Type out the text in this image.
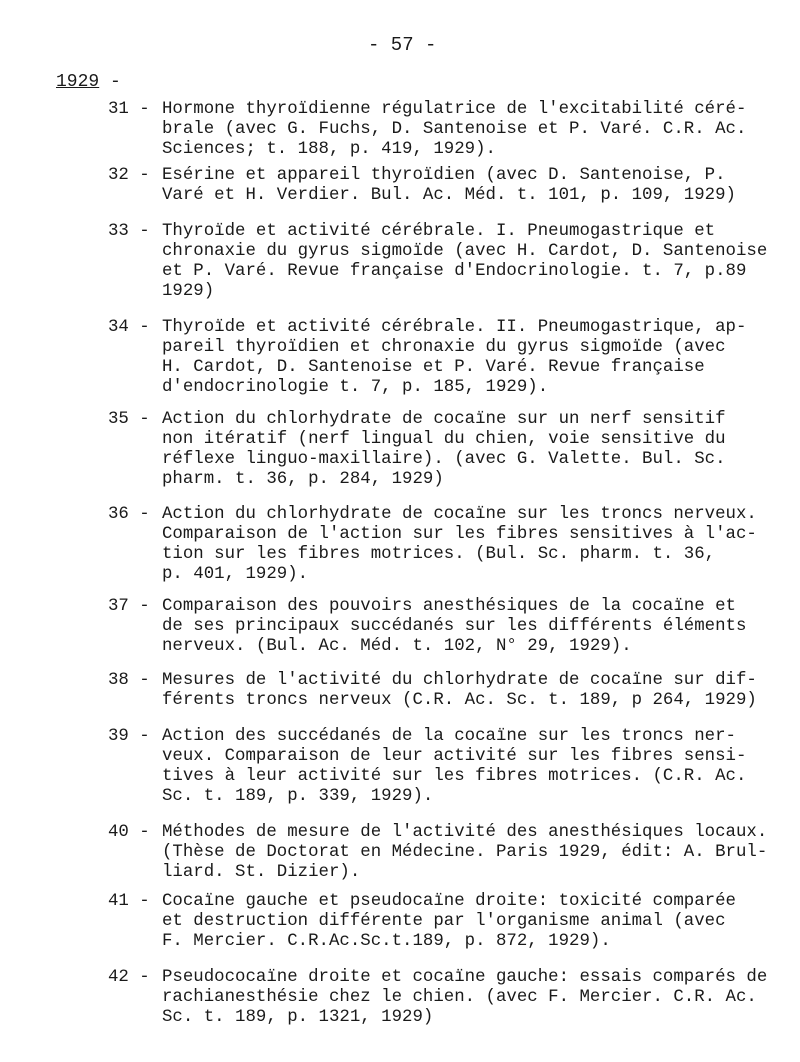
- 57 -
1929 -
31 - Hormone thyroïdienne régulatrice de l'excitabilité céré-
brale (avec G. Fuchs, D. Santenoise et P. Varé. C.R. Ac.
Sciences; t. 188, p. 419, 1929).
32 - Esérine et appareil thyroïdien (avec D. Santenoise, P.
Varé et H. Verdier. Bul. Ac. Méd. t. 101, p. 109, 1929)
33 - Thyroïde et activité cérébrale. I. Pneumogastrique et
chronaxie du gyrus sigmoïde (avec H. Cardot, D. Santenoise
et P. Varé. Revue française d'Endocrinologie. t. 7, p.89
1929)
34 - Thyroïde et activité cérébrale. II. Pneumogastrique, ap-
pareil thyroïdien et chronaxie du gyrus sigmoïde (avec
H. Cardot, D. Santenoise et P. Varé. Revue française
d'endocrinologie t. 7, p. 185, 1929).
35 - Action du chlorhydrate de cocaïne sur un nerf sensitif
non itératif (nerf lingual du chien, voie sensitive du
réflexe linguo-maxillaire). (avec G. Valette. Bul. Sc.
pharm. t. 36, p. 284, 1929)
36 - Action du chlorhydrate de cocaïne sur les troncs nerveux.
Comparaison de l'action sur les fibres sensitives à l'ac-
tion sur les fibres motrices. (Bul. Sc. pharm. t. 36,
p. 401, 1929).
37 - Comparaison des pouvoirs anesthésiques de la cocaïne et
de ses principaux succédanés sur les différents éléments
nerveux. (Bul. Ac. Méd. t. 102, N° 29, 1929).
38 - Mesures de l'activité du chlorhydrate de cocaïne sur dif-
férents troncs nerveux (C.R. Ac. Sc. t. 189, p 264, 1929)
39 - Action des succédanés de la cocaïne sur les troncs ner-
veux. Comparaison de leur activité sur les fibres sensi-
tives à leur activité sur les fibres motrices. (C.R. Ac.
Sc. t. 189, p. 339, 1929).
40 - Méthodes de mesure de l'activité des anesthésiques locaux.
(Thèse de Doctorat en Médecine. Paris 1929, édit: A. Brul-
liard. St. Dizier).
41 - Cocaïne gauche et pseudocaïne droite: toxicité comparée
et destruction différente par l'organisme animal (avec
F. Mercier. C.R.Ac.Sc.t.189, p. 872, 1929).
42 - Pseudococaïne droite et cocaïne gauche: essais comparés de
rachianesthésie chez le chien. (avec F. Mercier. C.R. Ac.
Sc. t. 189, p. 1321, 1929)
